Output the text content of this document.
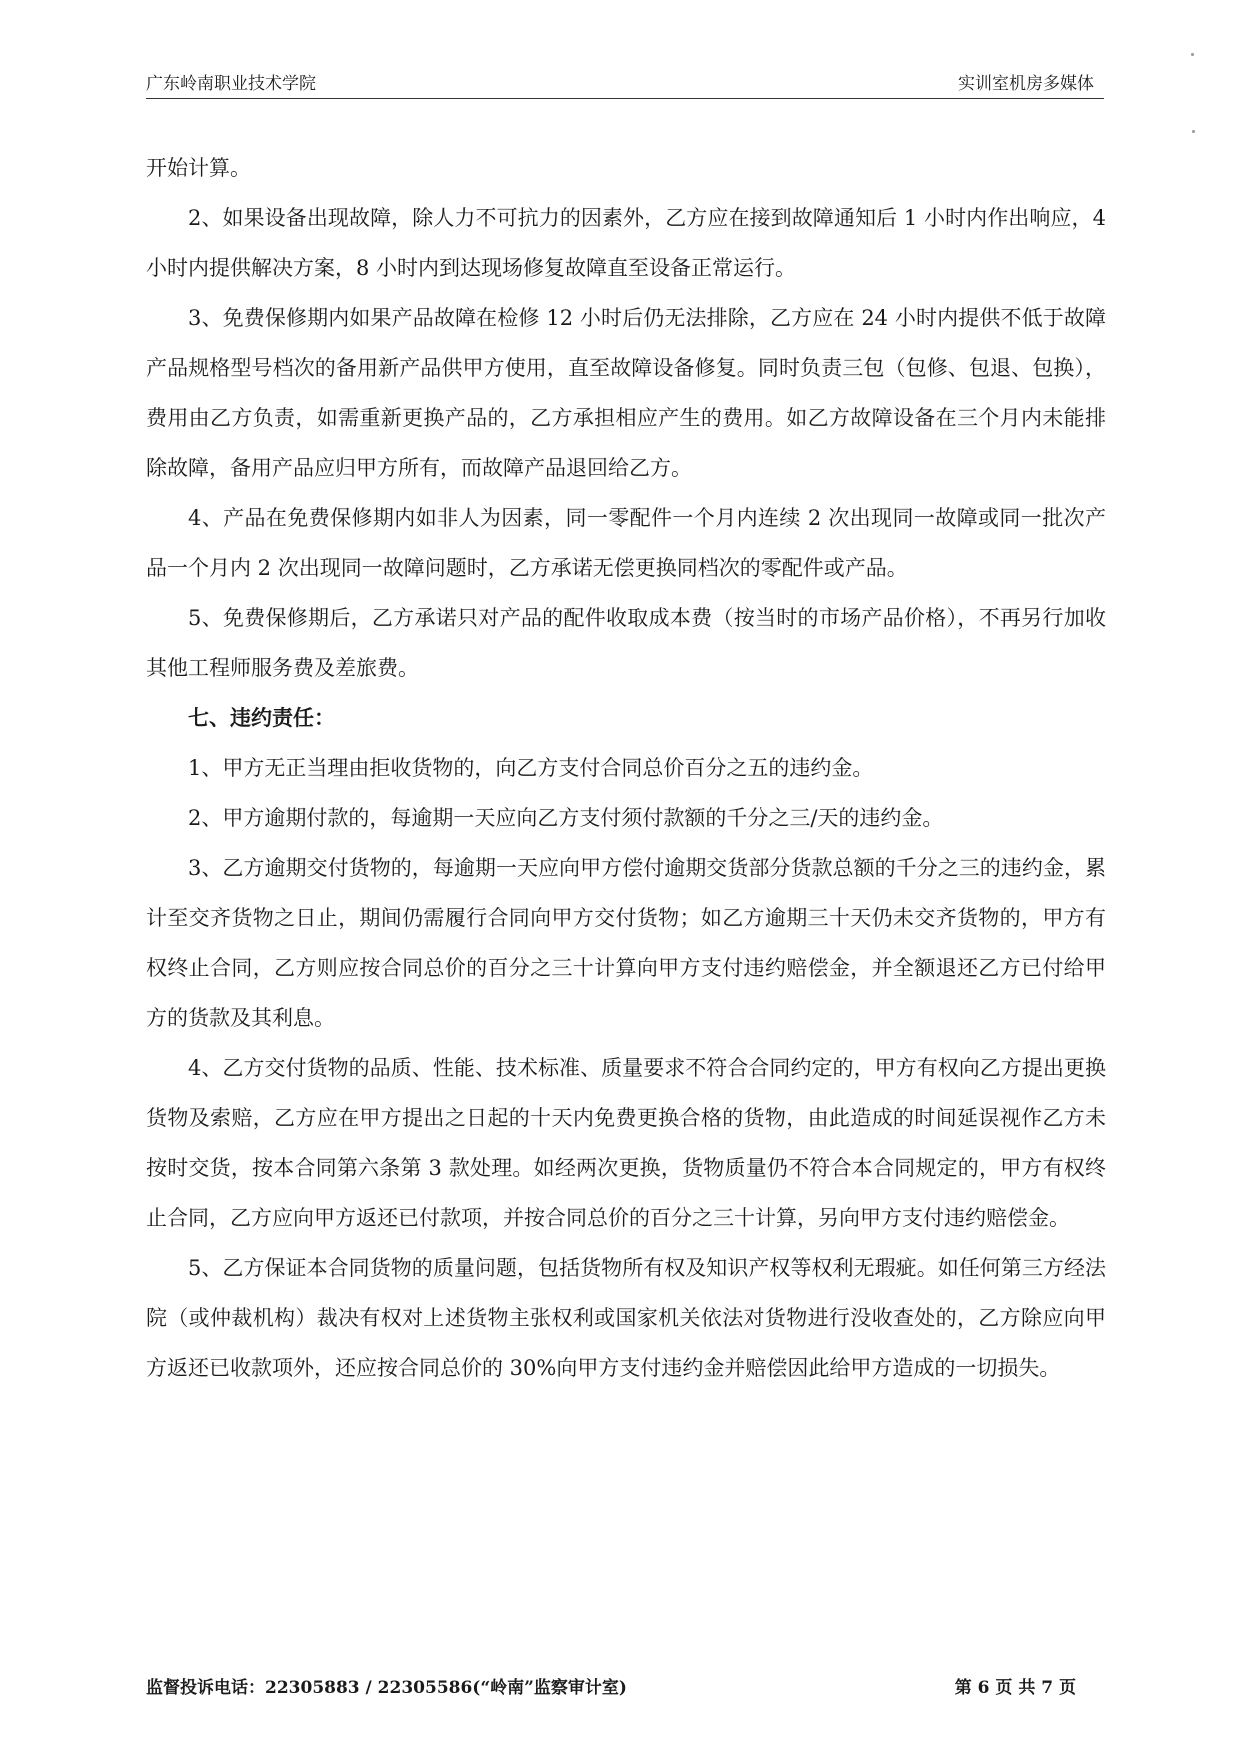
广东岭南职业技术学院	实训室机房多媒体

开始计算。

2、如果设备出现故障，除人力不可抗力的因素外，乙方应在接到故障通知后 1 小时内作出响应，4 小时内提供解决方案，8 小时内到达现场修复故障直至设备正常运行。

3、免费保修期内如果产品故障在检修 12 小时后仍无法排除，乙方应在 24 小时内提供不低于故障产品规格型号档次的备用新产品供甲方使用，直至故障设备修复。同时负责三包（包修、包退、包换），费用由乙方负责，如需重新更换产品的，乙方承担相应产生的费用。如乙方故障设备在三个月内未能排除故障，备用产品应归甲方所有，而故障产品退回给乙方。

4、产品在免费保修期内如非人为因素，同一零配件一个月内连续 2 次出现同一故障或同一批次产品一个月内 2 次出现同一故障问题时，乙方承诺无偿更换同档次的零配件或产品。

5、免费保修期后，乙方承诺只对产品的配件收取成本费（按当时的市场产品价格），不再另行加收其他工程师服务费及差旅费。

七、违约责任：

1、甲方无正当理由拒收货物的，向乙方支付合同总价百分之五的违约金。

2、甲方逾期付款的，每逾期一天应向乙方支付须付款额的千分之三/天的违约金。

3、乙方逾期交付货物的，每逾期一天应向甲方偿付逾期交货部分货款总额的千分之三的违约金，累计至交齐货物之日止，期间仍需履行合同向甲方交付货物；如乙方逾期三十天仍未交齐货物的，甲方有权终止合同，乙方则应按合同总价的百分之三十计算向甲方支付违约赔偿金，并全额退还乙方已付给甲方的货款及其利息。

4、乙方交付货物的品质、性能、技术标准、质量要求不符合合同约定的，甲方有权向乙方提出更换货物及索赔，乙方应在甲方提出之日起的十天内免费更换合格的货物，由此造成的时间延误视作乙方未按时交货，按本合同第六条第 3 款处理。如经两次更换，货物质量仍不符合本合同规定的，甲方有权终止合同，乙方应向甲方返还已付款项，并按合同总价的百分之三十计算，另向甲方支付违约赔偿金。

5、乙方保证本合同货物的质量问题，包括货物所有权及知识产权等权利无瑕疵。如任何第三方经法院（或仲裁机构）裁决有权对上述货物主张权利或国家机关依法对货物进行没收查处的，乙方除应向甲方返还已收款项外，还应按合同总价的 30%向甲方支付违约金并赔偿因此给甲方造成的一切损失。

监督投诉电话：22305883 / 22305586(“岭南”监察审计室)	第 6 页 共 7 页
